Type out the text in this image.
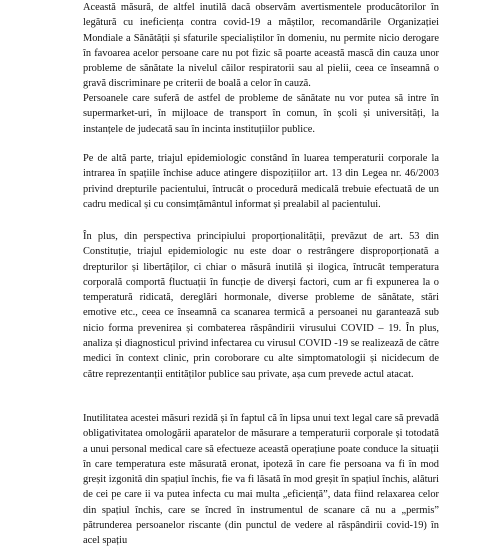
Această măsură, de altfel inutilă dacă observăm avertismentele producătorilor în legătură cu ineficiența contra covid-19 a măștilor, recomandările Organizației Mondiale a Sănătății și sfaturile specialiștilor în domeniu, nu permite nicio derogare în favoarea acelor persoane care nu pot fizic să poarte această mască din cauza unor probleme de sănătate la nivelul căilor respiratorii sau al pielii, ceea ce înseamnă o gravă discriminare pe criterii de boală a celor în cauză.

Persoanele care suferă de astfel de probleme de sănătate nu vor putea să intre în supermarket-uri, în mijloace de transport în comun, în școli și universități, la instanțele de judecată sau în incinta instituțiilor publice.

Pe de altă parte, triajul epidemiologic constând în luarea temperaturii corporale la intrarea în spațiile închise aduce atingere dispozițiilor art. 13 din Legea nr. 46/2003 privind drepturile pacientului, întrucât o procedură medicală trebuie efectuată de un cadru medical și cu consimțământul informat și prealabil al pacientului.

În plus, din perspectiva principiului proporționalității, prevăzut de art. 53 din Constituție, triajul epidemiologic nu este doar o restrângere disproporționată a drepturilor și libertăților, ci chiar o măsură inutilă și ilogica, întrucât temperatura corporală comportă fluctuații în funcție de diverși factori, cum ar fi expunerea la o temperatură ridicată, dereglări hormonale, diverse probleme de sănătate, stări emotive etc., ceea ce înseamnă ca scanarea termică a persoanei nu garantează sub nicio forma prevenirea și combaterea răspândirii virusului COVID – 19. În plus, analiza și diagnosticul privind infectarea cu virusul COVID -19 se realizează de către medici în context clinic, prin coroborare cu alte simptomatologii și nicidecum de către reprezentanții entităților publice sau private, așa cum prevede actul atacat.

Inutilitatea acestei măsuri rezidă și în faptul că în lipsa unui text legal care să prevadă obligativitatea omologării aparatelor de măsurare a temperaturii corporale și totodată a unui personal medical care să efectueze această operațiune poate conduce la situații în care temperatura este măsurată eronat, ipoteză în care fie persoana va fi în mod greșit izgonită din spațiul închis, fie va fi lăsată în mod greșit în spațiul închis, alături de cei pe care ii va putea infecta cu mai multa „eficiență”, data fiind relaxarea celor din spațiul închis, care se încred în instrumentul de scanare că nu a „permis” pătrunderea persoanelor riscante (din punctul de vedere al răspândirii covid-19) în acel spațiu
